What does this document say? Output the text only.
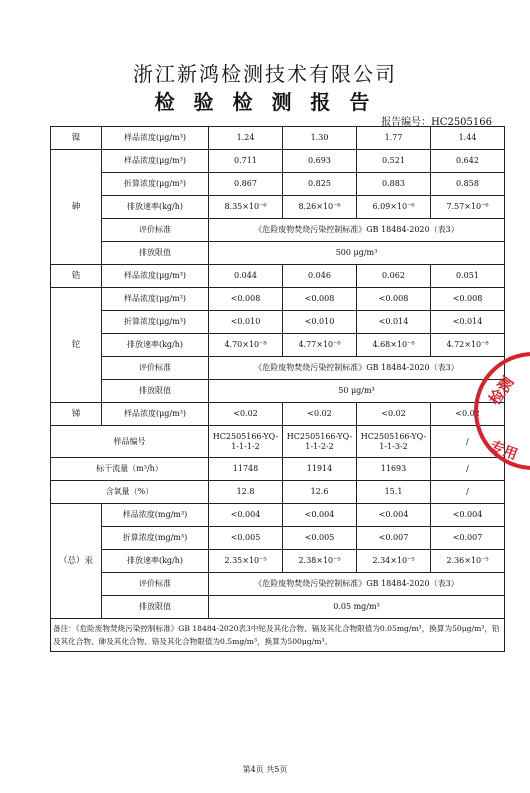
浙江新鸿检测技术有限公司
检 验 检 测 报 告
报告编号：HC2505166
镍	样品浓度(μg/m³)	1.24	1.30	1.77	1.44
砷	样品浓度(μg/m³)	0.711	0.693	0.521	0.642
	折算浓度(μg/m³)	0.867	0.825	0.883	0.858
	排放速率(kg/h)	8.35×10⁻⁶	8.26×10⁻⁶	6.09×10⁻⁶	7.57×10⁻⁶
	评价标准	《危险废物焚烧污染控制标准》GB 18484-2020（表3）			
	排放限值	500 μg/m³			
锆	样品浓度(μg/m³)	0.044	0.046	0.062	0.051
铊	样品浓度(μg/m³)	<0.008	<0.008	<0.008	<0.008
	折算浓度(μg/m³)	<0.010	<0.010	<0.014	<0.014
	排放速率(kg/h)	4.70×10⁻⁸	4.77×10⁻⁸	4.68×10⁻⁸	4.72×10⁻⁸
	评价标准	《危险废物焚烧污染控制标准》GB 18484-2020（表3）			
	排放限值	50 μg/m³			
锑	样品浓度(μg/m³)	<0.02	<0.02	<0.02	<0.02
样品编号		HC2505166-YQ-1-1-1-2	HC2505166-YQ-1-1-2-2	HC2505166-YQ-1-1-3-2	/
标干流量（m³/h）		11748	11914	11693	/
含氧量（%）		12.8	12.6	15.1	/
（总）汞	样品浓度(mg/m³)	<0.004	<0.004	<0.004	<0.004
	折算浓度(mg/m³)	<0.005	<0.005	<0.007	<0.007
	排放速率(kg/h)	2.35×10⁻⁵	2.38×10⁻⁵	2.34×10⁻⁵	2.36×10⁻⁵
	评价标准	《危险废物焚烧污染控制标准》GB 18484-2020（表3）			
	排放限值	0.05 mg/m³			
备注：《危险废物焚烧污染控制标准》GB 18484-2020表3中铊及其化合物、镉及其化合物限值为0.05mg/m³，换算为50μg/m³，铅及其化合物、砷及其化合物、铬及其化合物限值为0.5mg/m³，换算为500μg/m³。					
检测
专用
第4页 共5页
